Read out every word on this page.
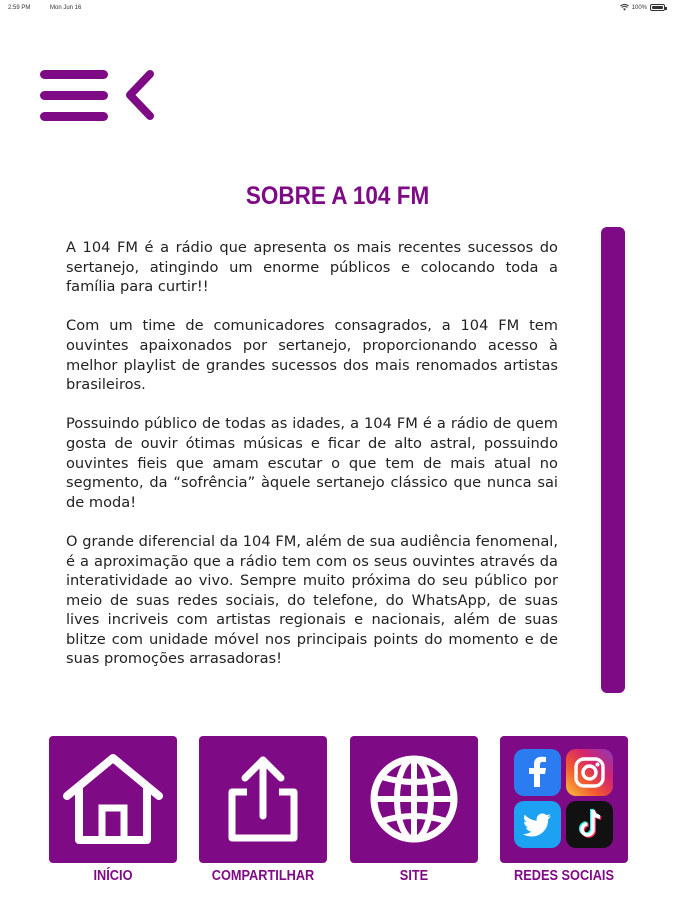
2:59 PM	Mon Jun 16	100%
SOBRE A 104 FM

A 104 FM é a rádio que apresenta os mais recentes sucessos do sertanejo, atingindo um enorme públicos e colocando toda a família para curtir!!

Com um time de comunicadores consagrados, a 104 FM tem ouvintes apaixonados por sertanejo, proporcionando acesso à melhor playlist de grandes sucessos dos mais renomados artistas brasileiros.

Possuindo público de todas as idades, a 104 FM é a rádio de quem gosta de ouvir ótimas músicas e ficar de alto astral, possuindo ouvintes fieis que amam escutar o que tem de mais atual no segmento, da “sofrência” àquele sertanejo clássico que nunca sai de moda!

O grande diferencial da 104 FM, além de sua audiência fenomenal, é a aproximação que a rádio tem com os seus ouvintes através da interatividade ao vivo. Sempre muito próxima do seu público por meio de suas redes sociais, do telefone, do WhatsApp, de suas lives incriveis com artistas regionais e nacionais, além de suas blitze com unidade móvel nos principais points do momento e de suas promoções arrasadoras!

INÍCIO	COMPARTILHAR	SITE	REDES SOCIAIS
